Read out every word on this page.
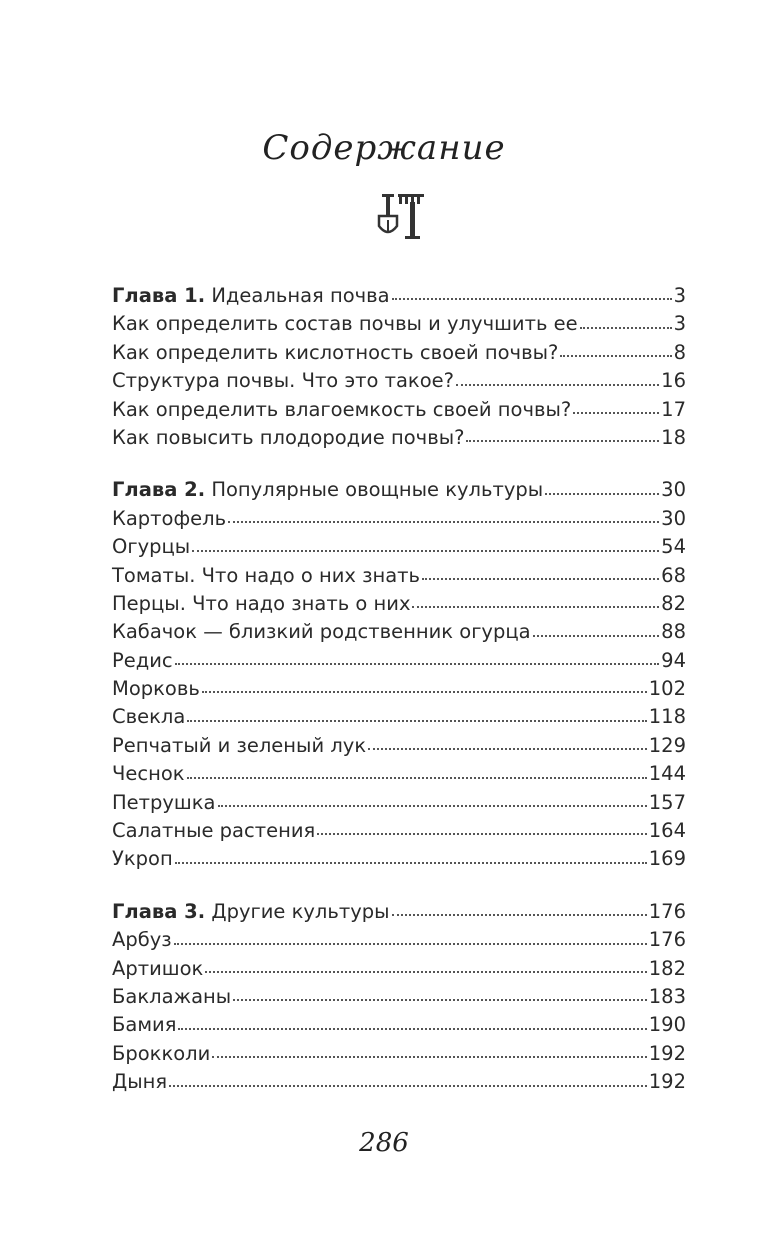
Содержание
Глава 1. Идеальная почва	3
Как определить состав почвы и улучшить ее	3
Как определить кислотность своей почвы?	8
Структура почвы. Что это такое?	16
Как определить влагоемкость своей почвы?	17
Как повысить плодородие почвы?	18
Глава 2. Популярные овощные культуры	30
Картофель	30
Огурцы	54
Томаты. Что надо о них знать	68
Перцы. Что надо знать о них	82
Кабачок — близкий родственник огурца	88
Редис	94
Морковь	102
Свекла	118
Репчатый и зеленый лук	129
Чеснок	144
Петрушка	157
Салатные растения	164
Укроп	169
Глава 3. Другие культуры	176
Арбуз	176
Артишок	182
Баклажаны	183
Бамия	190
Брокколи	192
Дыня	192
286
